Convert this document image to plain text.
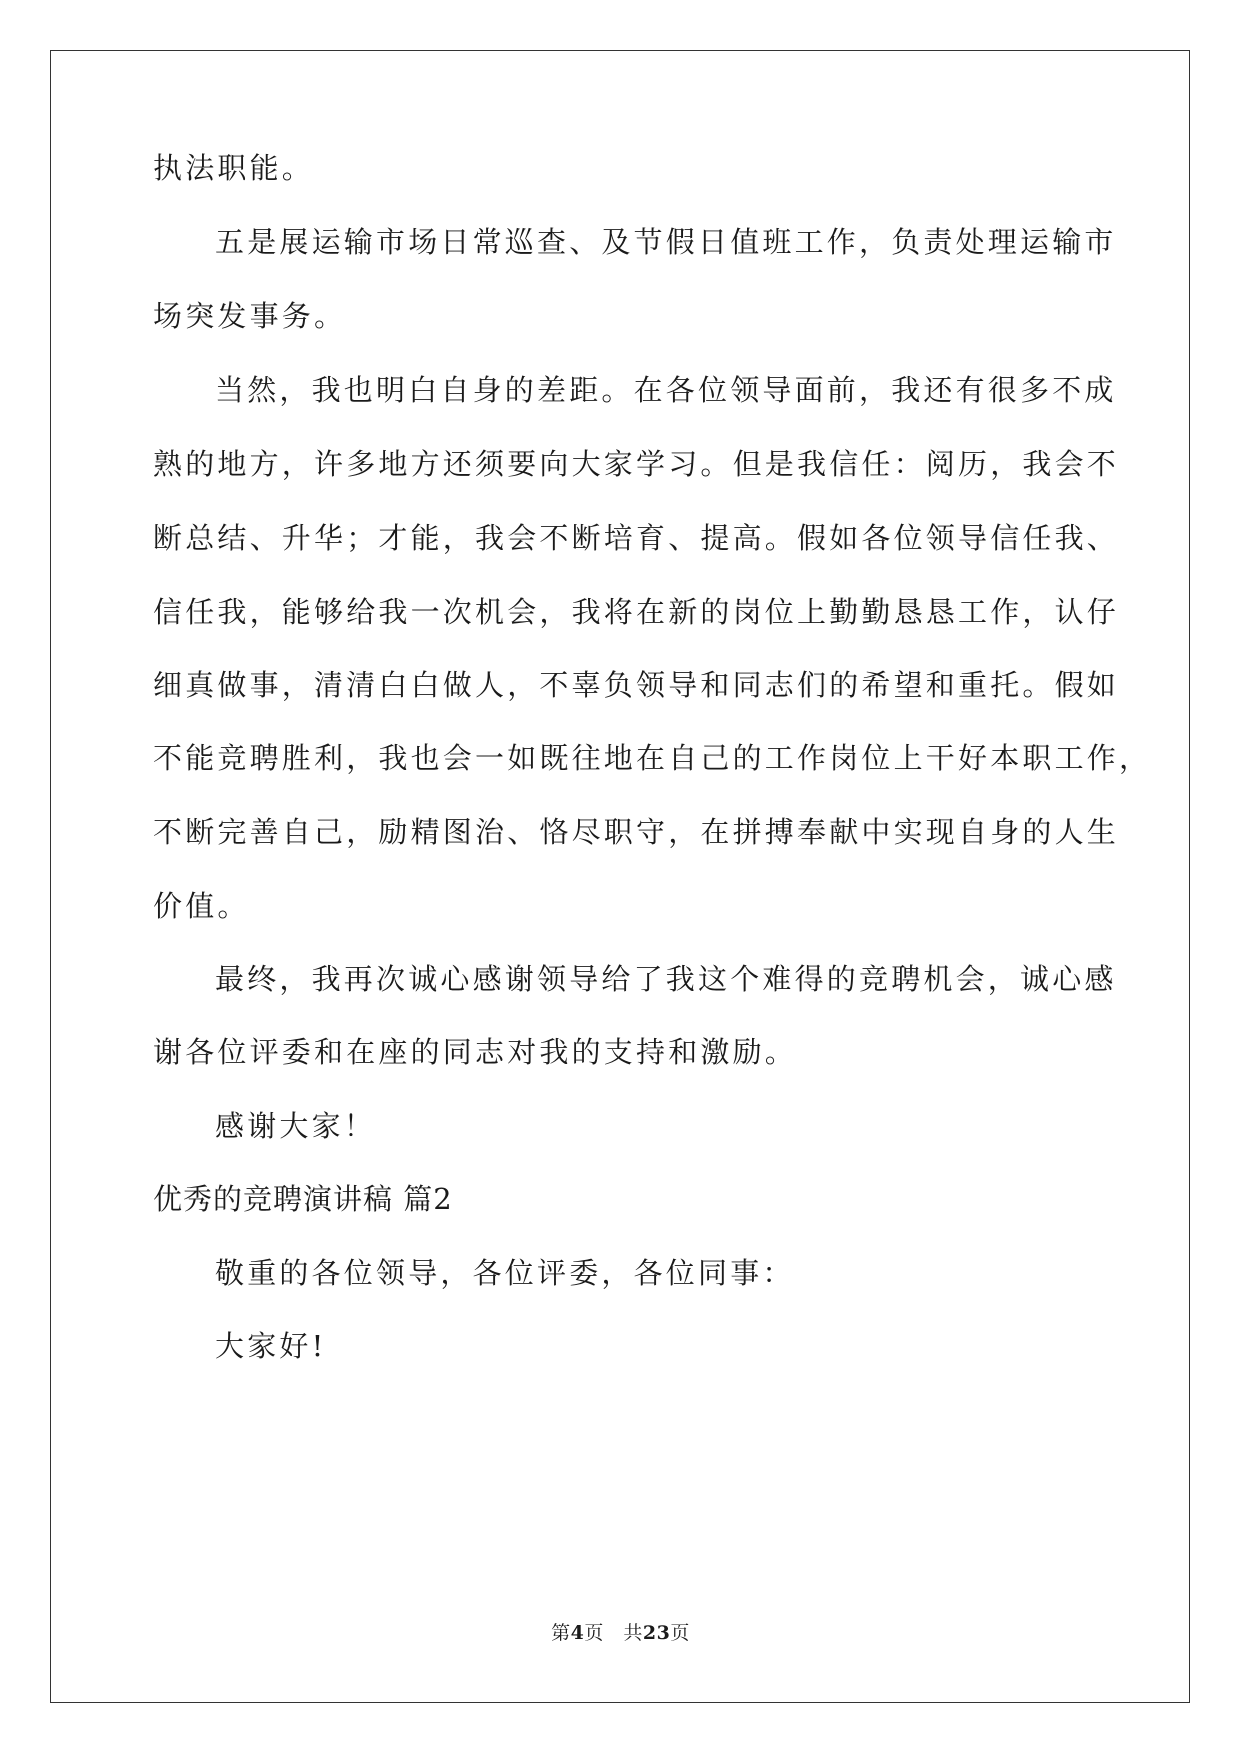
执法职能。
五是展运输市场日常巡查、及节假日值班工作，负责处理运输市
场突发事务。
当然，我也明白自身的差距。在各位领导面前，我还有很多不成
熟的地方，许多地方还须要向大家学习。但是我信任：阅历，我会不
断总结、升华；才能，我会不断培育、提高。假如各位领导信任我、
信任我，能够给我一次机会，我将在新的岗位上勤勤恳恳工作，认仔
细真做事，清清白白做人，不辜负领导和同志们的希望和重托。假如
不能竞聘胜利，我也会一如既往地在自己的工作岗位上干好本职工作，
不断完善自己，励精图治、恪尽职守，在拼搏奉献中实现自身的人生
价值。
最终，我再次诚心感谢领导给了我这个难得的竞聘机会，诚心感
谢各位评委和在座的同志对我的支持和激励。
感谢大家！
优秀的竞聘演讲稿 篇2
敬重的各位领导，各位评委，各位同事：
大家好!
第4页　共23页
